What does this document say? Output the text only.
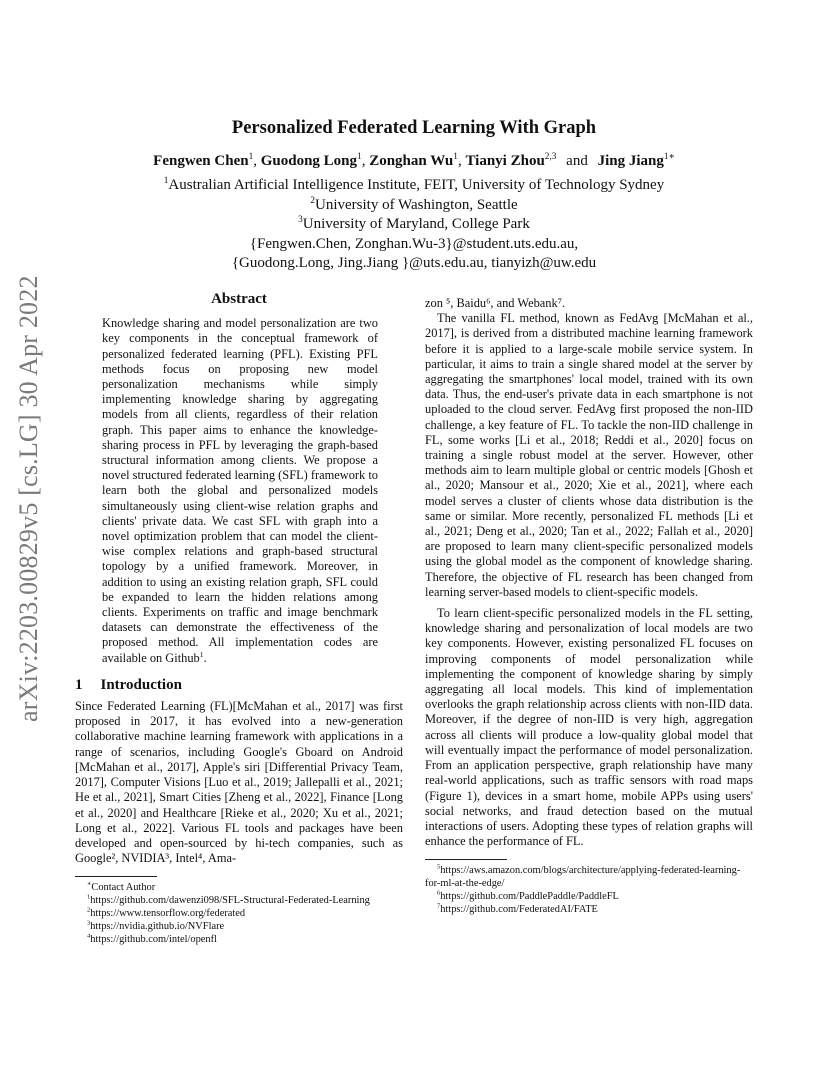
arXiv:2203.00829v5 [cs.LG] 30 Apr 2022
Personalized Federated Learning With Graph
Fengwen Chen$^1$, Guodong Long$^1$, Zonghan Wu$^1$, Tianyi Zhou$^{2,3}$ and Jing Jiang$^{1∗}$
$^1$Australian Artificial Intelligence Institute, FEIT, University of Technology Sydney
$^2$University of Washington, Seattle
$^3$University of Maryland, College Park
{Fengwen.Chen, Zonghan.Wu-3}@student.uts.edu.au,
{Guodong.Long, Jing.Jiang }@uts.edu.au, tianyizh@uw.edu
Abstract

Knowledge sharing and model personalization are two key components in the conceptual framework of personalized federated learning (PFL). Existing PFL methods focus on proposing new model personalization mechanisms while simply implementing knowledge sharing by aggregating models from all clients, regardless of their relation graph. This paper aims to enhance the knowledge-sharing process in PFL by leveraging the graph-based structural information among clients. We propose a novel structured federated learning (SFL) framework to learn both the global and personalized models simultaneously using client-wise relation graphs and clients' private data. We cast SFL with graph into a novel optimization problem that can model the client-wise complex relations and graph-based structural topology by a unified framework. Moreover, in addition to using an existing relation graph, SFL could be expanded to learn the hidden relations among clients. Experiments on traffic and image benchmark datasets can demonstrate the effectiveness of the proposed method. All implementation codes are available on Github$^1$.

1 Introduction

Since Federated Learning (FL)[McMahan et al., 2017] was first proposed in 2017, it has evolved into a new-generation collaborative machine learning framework with applications in a range of scenarios, including Google's Gboard on Android [McMahan et al., 2017], Apple's siri [Differential Privacy Team, 2017], Computer Visions [Luo et al., 2019; Jallepalli et al., 2021; He et al., 2021], Smart Cities [Zheng et al., 2022], Finance [Long et al., 2020] and Healthcare [Rieke et al., 2020; Xu et al., 2021; Long et al., 2022]. Various FL tools and packages have been developed and open-sourced by hi-tech companies, such as Google², NVIDIA³, Intel⁴, Ama-

∗Contact Author

$^1$https://github.com/dawenzi098/SFL-Structural-Federated-Learning

$^2$https://www.tensorflow.org/federated

$^3$https://nvidia.github.io/NVFlare

$^4$https://github.com/intel/openfl

zon ⁵, Baidu⁶, and Webank⁷.

The vanilla FL method, known as FedAvg [McMahan et al., 2017], is derived from a distributed machine learning framework before it is applied to a large-scale mobile service system. In particular, it aims to train a single shared model at the server by aggregating the smartphones' local model, trained with its own data. Thus, the end-user's private data in each smartphone is not uploaded to the cloud server. FedAvg first proposed the non-IID challenge, a key feature of FL. To tackle the non-IID challenge in FL, some works [Li et al., 2018; Reddi et al., 2020] focus on training a single robust model at the server. However, other methods aim to learn multiple global or centric models [Ghosh et al., 2020; Mansour et al., 2020; Xie et al., 2021], where each model serves a cluster of clients whose data distribution is the same or similar. More recently, personalized FL methods [Li et al., 2021; Deng et al., 2020; Tan et al., 2022; Fallah et al., 2020] are proposed to learn many client-specific personalized models using the global model as the component of knowledge sharing. Therefore, the objective of FL research has been changed from learning server-based models to client-specific models.

To learn client-specific personalized models in the FL setting, knowledge sharing and personalization of local models are two key components. However, existing personalized FL focuses on improving components of model personalization while implementing the component of knowledge sharing by simply aggregating all local models. This kind of implementation overlooks the graph relationship across clients with non-IID data. Moreover, if the degree of non-IID is very high, aggregation across all clients will produce a low-quality global model that will eventually impact the performance of model personalization. From an application perspective, graph relationship have many real-world applications, such as traffic sensors with road maps (Figure 1), devices in a smart home, mobile APPs using users' social networks, and fraud detection based on the mutual interactions of users. Adopting these types of relation graphs will enhance the performance of FL.

$^5$https://aws.amazon.com/blogs/architecture/applying-federated-learning-for-ml-at-the-edge/

$^6$https://github.com/PaddlePaddle/PaddleFL

$^7$https://github.com/FederatedAI/FATE
